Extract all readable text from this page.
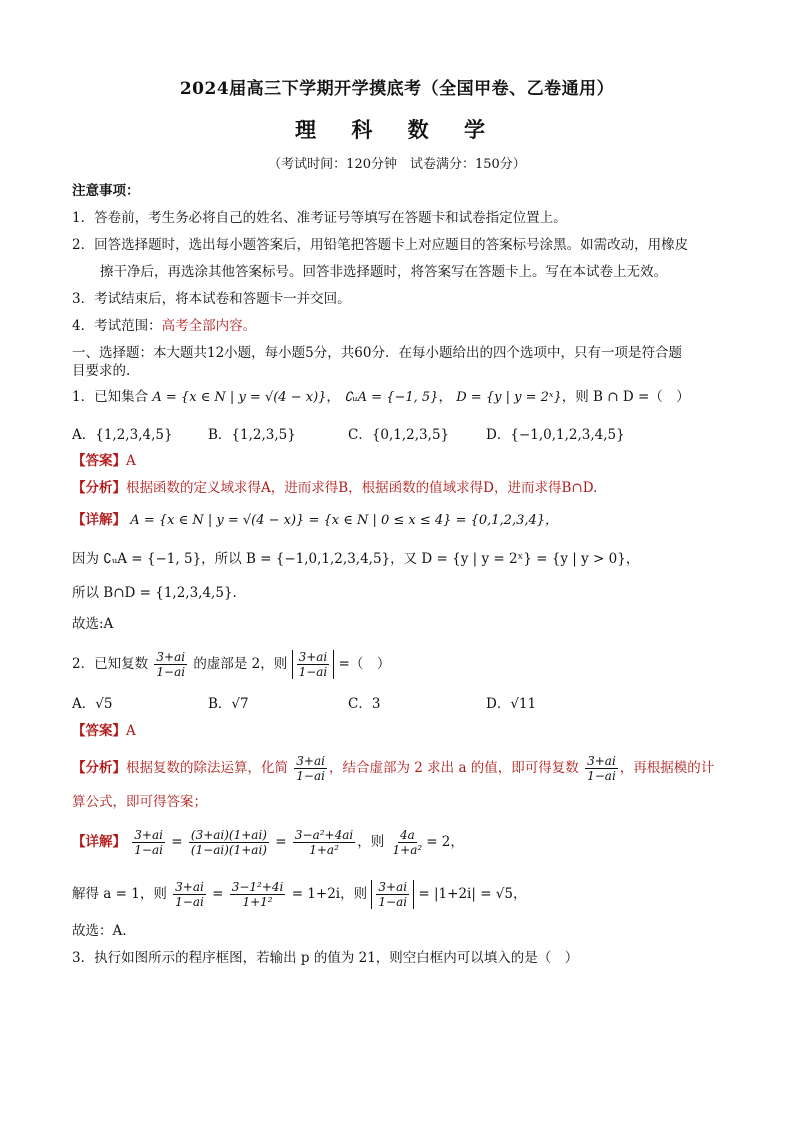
2024届高三下学期开学摸底考（全国甲卷、乙卷通用）
理 科 数 学
（考试时间：120分钟　试卷满分：150分）
注意事项：
1．答卷前，考生务必将自己的姓名、准考证号等填写在答题卡和试卷指定位置上。
2．回答选择题时，选出每小题答案后，用铅笔把答题卡上对应题目的答案标号涂黑。如需改动，用橡皮
擦干净后，再选涂其他答案标号。回答非选择题时，将答案写在答题卡上。写在本试卷上无效。
3．考试结束后，将本试卷和答题卡一并交回。
4．考试范围：高考全部内容。
一、选择题：本大题共12小题，每小题5分，共60分．在每小题给出的四个选项中，只有一项是符合题
目要求的.
1．已知集合 A = {x ∈ N | y = √(4 − x)}， ∁ᵤA = {−1, 5}， D = {y | y = 2ˣ}，则 B ∩ D =（　）
A．{1,2,3,4,5}	B．{1,2,3,5}	C．{0,1,2,3,5}	D．{−1,0,1,2,3,4,5}
【答案】A
【分析】根据函数的定义域求得A，进而求得B，根据函数的值域求得D，进而求得B∩D.
【详解】 A = {x ∈ N | y = √(4 − x)} = {x ∈ N | 0 ≤ x ≤ 4} = {0,1,2,3,4}，
因为 ∁ᵤA = {−1, 5}，所以 B = {−1,0,1,2,3,4,5}，又 D = {y | y = 2ˣ} = {y | y > 0}，
所以 B∩D = {1,2,3,4,5}.
故选:A
2．已知复数 $\frac{3+ai}{1-ai}$ 的虚部是 2，则 $\frac{3+ai}{1-ai}$ =（　）
A．√5	B．√7	C．3	D．√11
【答案】A
【分析】根据复数的除法运算，化简 $\frac{3+ai}{1-ai}$ ，结合虚部为 2 求出 a 的值，即可得复数 $\frac{3+ai}{1-ai}$ ，再根据模的计
算公式，即可得答案；
【详解】 $\frac{3+ai}{1-ai} = \frac{(3+ai)(1+ai)}{(1-ai)(1+ai)} = \frac{\text{3−a²+4ai}}{\text{1+a²}}$ ，则 $\frac{4a}{\text{1+a²}} = 2$，
解得 a = 1，则 $\frac{3+ai}{1-ai} = \frac{\text{3−1²+4i}}{\text{1+1²}} = 1+2i$，则 $\frac{3+ai}{1-ai} = |1+2i| = √5$，
故选：A.
3．执行如图所示的程序框图，若输出 p 的值为 21，则空白框内可以填入的是（　）
